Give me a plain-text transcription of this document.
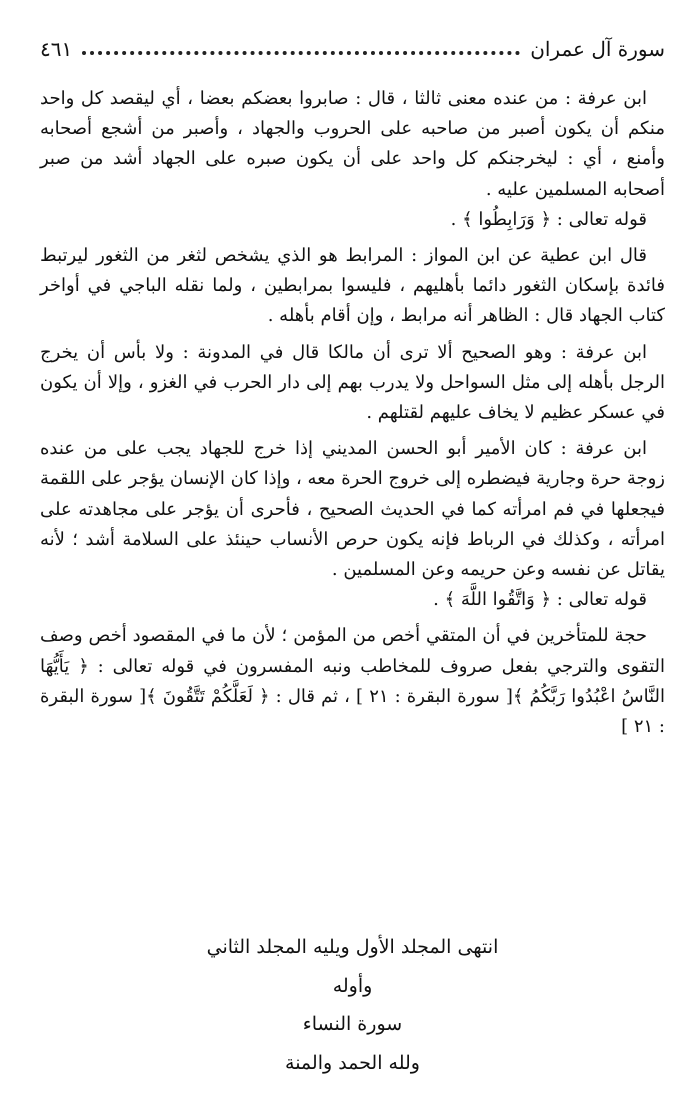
سورة آل عمران
٤٦١

ابن عرفة : من عنده معنى ثالثا ، قال : صابروا بعضكم بعضا ، أي ليقصد كل واحد منكم أن يكون أصبر من صاحبه على الحروب والجهاد ، وأصبر من أشجع أصحابه وأمنع ، أي : ليخرجنكم كل واحد على أن يكون صبره على الجهاد أشد من صبر أصحابه المسلمين عليه .

قوله تعالى : ﴿ وَرَابِطُوا ﴾ .

قال ابن عطية عن ابن المواز : المرابط هو الذي يشخص لثغر من الثغور ليرتبط فائدة بإسكان الثغور دائما بأهليهم ، فليسوا بمرابطين ، ولما نقله الباجي في أواخر كتاب الجهاد قال : الظاهر أنه مرابط ، وإن أقام بأهله .

ابن عرفة : وهو الصحيح ألا ترى أن مالكا قال في المدونة : ولا بأس أن يخرج الرجل بأهله إلى مثل السواحل ولا يدرب بهم إلى دار الحرب في الغزو ، وإلا أن يكون في عسكر عظيم لا يخاف عليهم لقتلهم .

ابن عرفة : كان الأمير أبو الحسن المديني إذا خرج للجهاد يجب على من عنده زوجة حرة وجارية فيضطره إلى خروج الحرة معه ، وإذا كان الإنسان يؤجر على اللقمة فيجعلها في فم امرأته كما في الحديث الصحيح ، فأحرى أن يؤجر على مجاهدته على امرأته ، وكذلك في الرباط فإنه يكون حرص الأنساب حينئذ على السلامة أشد ؛ لأنه يقاتل عن نفسه وعن حريمه وعن المسلمين .

قوله تعالى : ﴿ وَاتَّقُوا اللَّهَ ﴾ .

حجة للمتأخرين في أن المتقي أخص من المؤمن ؛ لأن ما في المقصود أخص وصف التقوى والترجي بفعل صروف للمخاطب ونبه المفسرون في قوله تعالى : ﴿ يَأَيُّهَا النَّاسُ اعْبُدُوا رَبَّكُمُ ﴾[ سورة البقرة : ٢١ ] ، ثم قال : ﴿ لَعَلَّكُمْ تَتَّقُونَ ﴾[ سورة البقرة : ٢١ ]

انتهى المجلد الأول ويليه المجلد الثاني
وأوله
سورة النساء
ولله الحمد والمنة
